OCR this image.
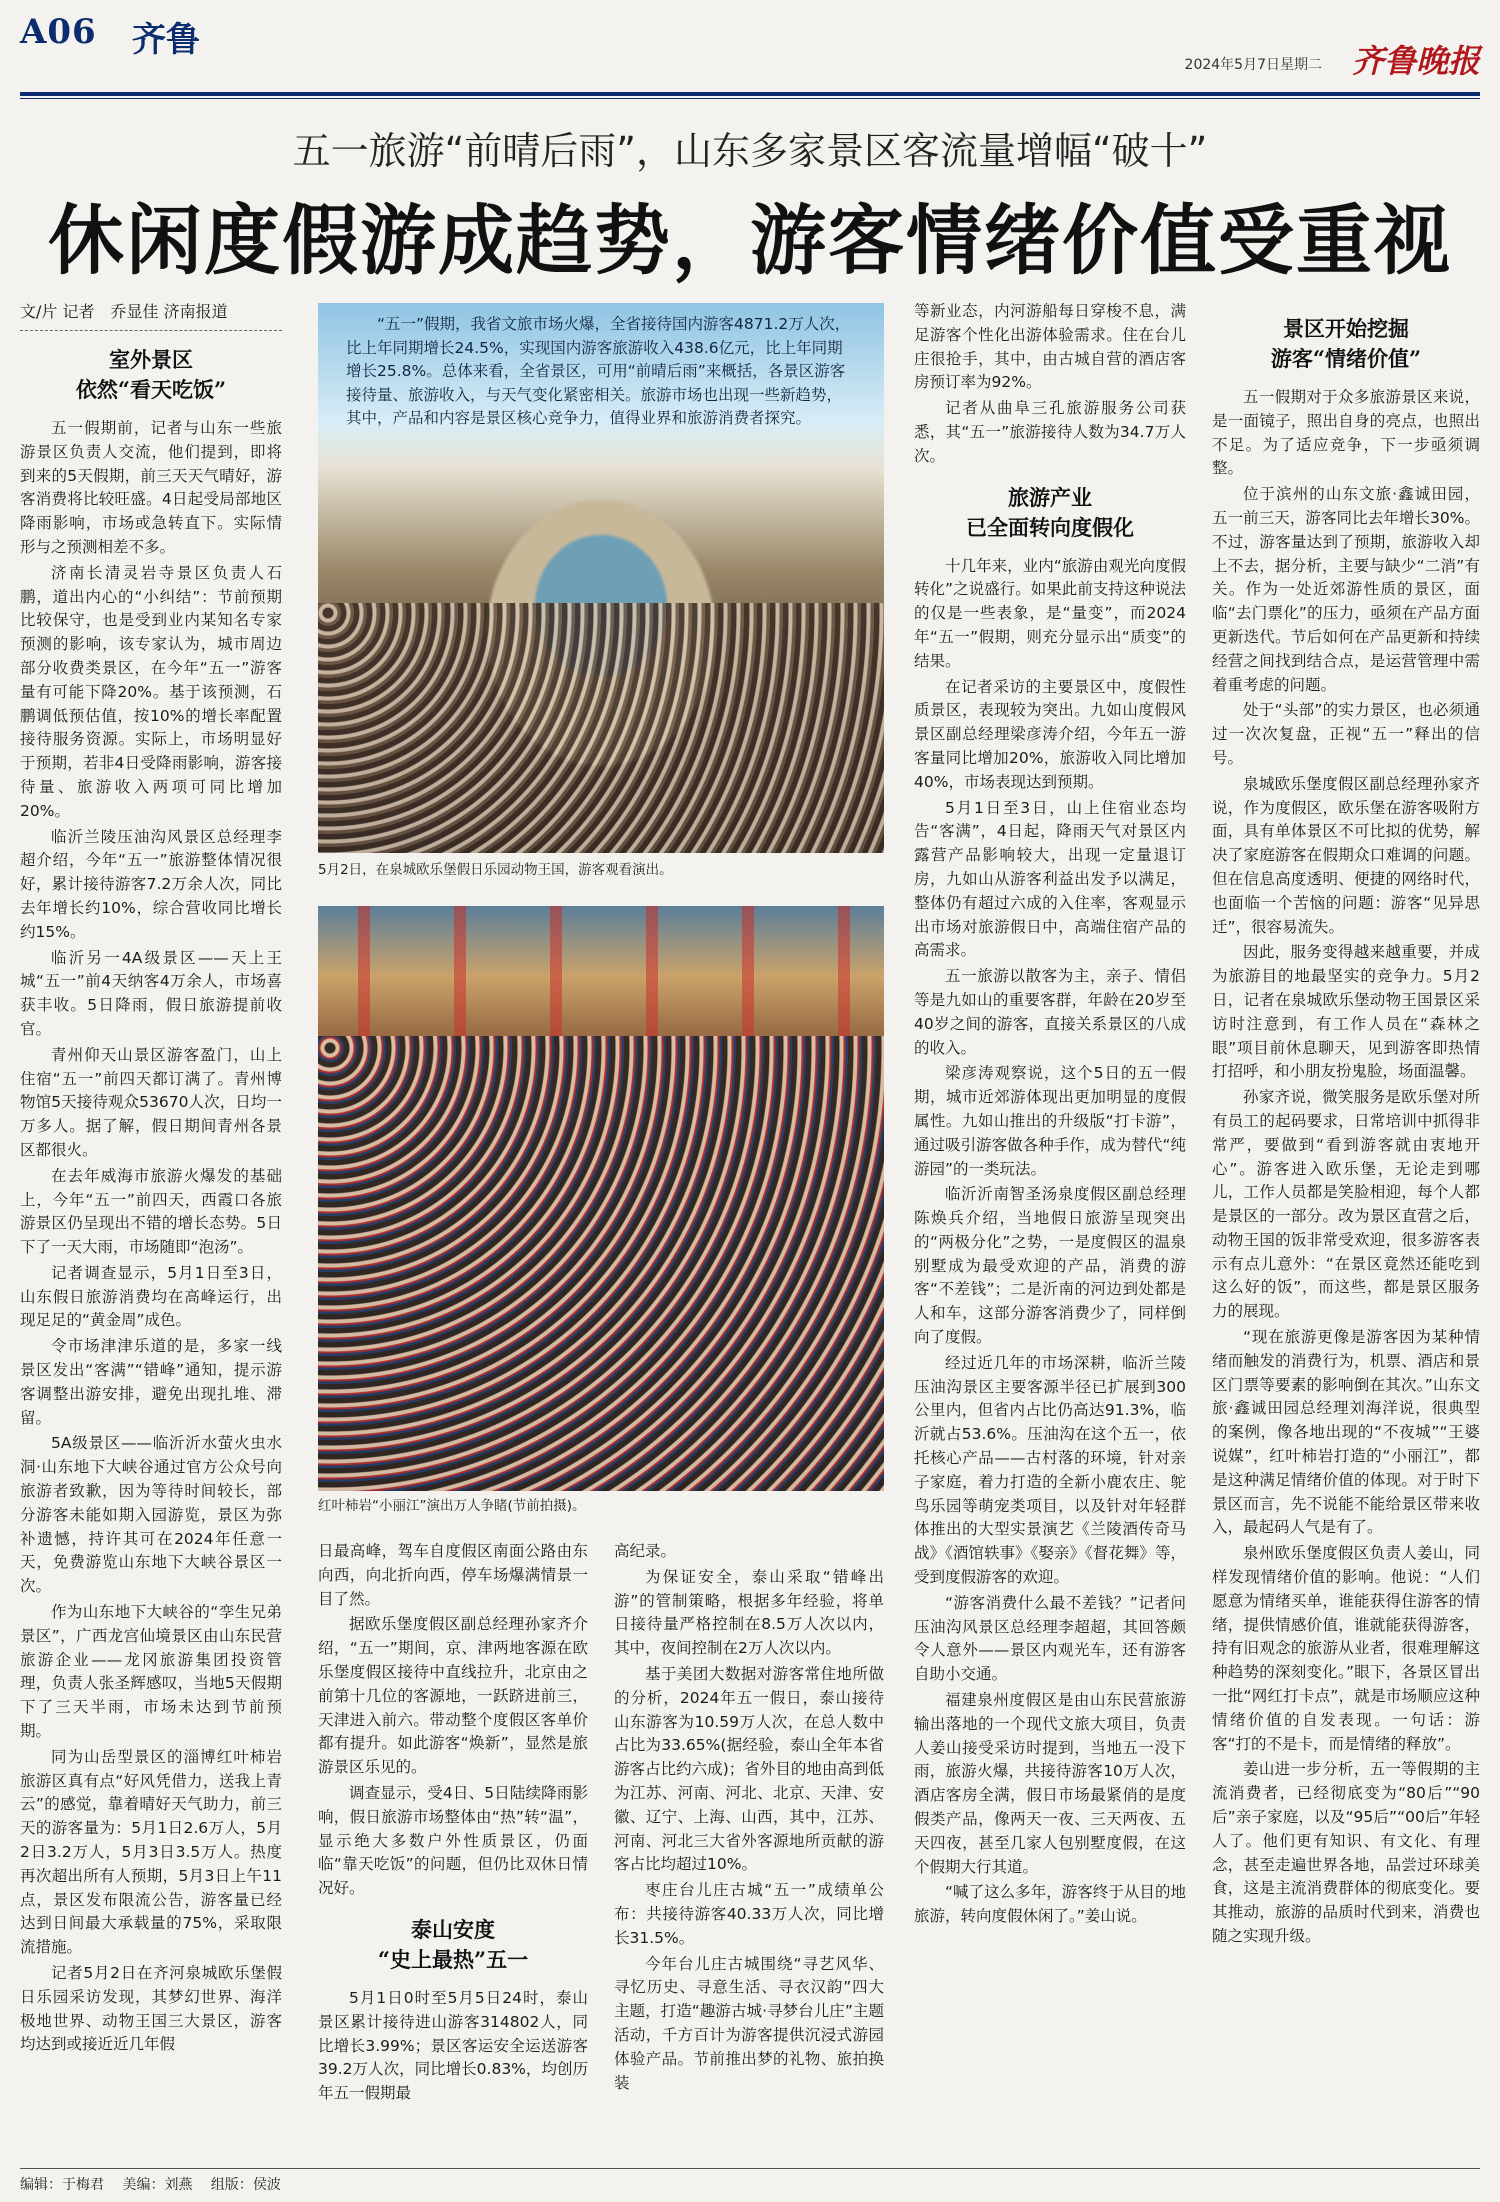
A06 齐鲁
2024年5月7日 星期二 齐鲁晚报
五一旅游“前晴后雨”，山东多家景区客流量增幅“破十”
休闲度假游成趋势，游客情绪价值受重视
文/片 记者　乔显佳 济南报道
室外景区
依然“看天吃饭”

五一假期前，记者与山东一些旅游景区负责人交流，他们提到，即将到来的5天假期，前三天天气晴好，游客消费将比较旺盛。4日起受局部地区降雨影响，市场或急转直下。实际情形与之预测相差不多。

济南长清灵岩寺景区负责人石鹏，道出内心的“小纠结”：节前预期比较保守，也是受到业内某知名专家预测的影响，该专家认为，城市周边部分收费类景区，在今年“五一”游客量有可能下降20%。基于该预测，石鹏调低预估值，按10%的增长率配置接待服务资源。实际上，市场明显好于预期，若非4日受降雨影响，游客接待量、旅游收入两项可同比增加20%。

临沂兰陵压油沟风景区总经理李超介绍，今年“五一”旅游整体情况很好，累计接待游客7.2万余人次，同比去年增长约10%，综合营收同比增长约15%。

临沂另一4A级景区——天上王城“五一”前4天纳客4万余人，市场喜获丰收。5日降雨，假日旅游提前收官。

青州仰天山景区游客盈门，山上住宿“五一”前四天都订满了。青州博物馆5天接待观众53670人次，日均一万多人。据了解，假日期间青州各景区都很火。

在去年威海市旅游火爆发的基础上，今年“五一”前四天，西霞口各旅游景区仍呈现出不错的增长态势。5日下了一天大雨，市场随即“泡汤”。

记者调查显示，5月1日至3日，山东假日旅游消费均在高峰运行，出现足足的“黄金周”成色。

令市场津津乐道的是，多家一线景区发出“客满”“错峰”通知，提示游客调整出游安排，避免出现扎堆、滞留。

5A级景区——临沂沂水萤火虫水洞·山东地下大峡谷通过官方公众号向旅游者致歉，因为等待时间较长，部分游客未能如期入园游览，景区为弥补遗憾，持许其可在2024年任意一天，免费游览山东地下大峡谷景区一次。

作为山东地下大峡谷的“孪生兄弟景区”，广西龙宫仙境景区由山东民营旅游企业——龙冈旅游集团投资管理，负责人张圣辉感叹，当地5天假期下了三天半雨，市场未达到节前预期。

同为山岳型景区的淄博红叶柿岩旅游区真有点“好风凭借力，送我上青云”的感觉，靠着晴好天气助力，前三天的游客量为：5月1日2.6万人，5月2日3.2万人，5月3日3.5万人。热度再次超出所有人预期，5月3日上午11点，景区发布限流公告，游客量已经达到日间最大承载量的75%，采取限流措施。

记者5月2日在齐河泉城欧乐堡假日乐园采访发现，其梦幻世界、海洋极地世界、动物王国三大景区，游客均达到或接近近几年假

“五一”假期，我省文旅市场火爆，全省接待国内游客4871.2万人次，比上年同期增长24.5%，实现国内游客旅游收入438.6亿元，比上年同期增长25.8%。总体来看，全省景区，可用“前晴后雨”来概括，各景区游客接待量、旅游收入，与天气变化紧密相关。旅游市场也出现一些新趋势，其中，产品和内容是景区核心竞争力，值得业界和旅游消费者探究。
5月2日，在泉城欧乐堡假日乐园动物王国，游客观看演出。
红叶柿岩“小丽江”演出万人争睹(节前拍摄)。

日最高峰，驾车自度假区南面公路由东向西，向北折向西，停车场爆满情景一目了然。

据欧乐堡度假区副总经理孙家齐介绍，“五一”期间，京、津两地客源在欧乐堡度假区接待中直线拉升，北京由之前第十几位的客源地，一跃跻进前三，天津进入前六。带动整个度假区客单价都有提升。如此游客“焕新”，显然是旅游景区乐见的。

调查显示，受4日、5日陆续降雨影响，假日旅游市场整体由“热”转“温”，显示绝大多数户外性质景区，仍面临“靠天吃饭”的问题，但仍比双休日情况好。

泰山安度
“史上最热”五一

5月1日0时至5月5日24时，泰山景区累计接待进山游客314802人，同比增长3.99%；景区客运安全运送游客39.2万人次，同比增长0.83%，均创历年五一假期最

高纪录。

为保证安全，泰山采取“错峰出游”的管制策略，根据多年经验，将单日接待量严格控制在8.5万人次以内，其中，夜间控制在2万人次以内。

基于美团大数据对游客常住地所做的分析，2024年五一假日，泰山接待山东游客为10.59万人次，在总人数中占比为33.65%(据经验，泰山全年本省游客占比约六成)；省外目的地由高到低为江苏、河南、河北、北京、天津、安徽、辽宁、上海、山西，其中，江苏、河南、河北三大省外客源地所贡献的游客占比均超过10%。

枣庄台儿庄古城“五一”成绩单公布：共接待游客40.33万人次，同比增长31.5%。

今年台儿庄古城围绕“寻艺风华、寻忆历史、寻意生活、寻衣汉韵”四大主题，打造“趣游古城·寻梦台儿庄”主题活动，千方百计为游客提供沉浸式游园体验产品。节前推出梦的礼物、旅拍换装

等新业态，内河游船每日穿梭不息，满足游客个性化出游体验需求。住在台儿庄很抢手，其中，由古城自营的酒店客房预订率为92%。

记者从曲阜三孔旅游服务公司获悉，其“五一”旅游接待人数为34.7万人次。

旅游产业
已全面转向度假化

十几年来，业内“旅游由观光向度假转化”之说盛行。如果此前支持这种说法的仅是一些表象，是“量变”，而2024年“五一”假期，则充分显示出“质变”的结果。

在记者采访的主要景区中，度假性质景区，表现较为突出。九如山度假风景区副总经理梁彦涛介绍，今年五一游客量同比增加20%，旅游收入同比增加40%，市场表现达到预期。

5月1日至3日，山上住宿业态均告“客满”，4日起，降雨天气对景区内露营产品影响较大，出现一定量退订房，九如山从游客利益出发予以满足，整体仍有超过六成的入住率，客观显示出市场对旅游假日中，高端住宿产品的高需求。

五一旅游以散客为主，亲子、情侣等是九如山的重要客群，年龄在20岁至40岁之间的游客，直接关系景区的八成的收入。

梁彦涛观察说，这个5日的五一假期，城市近郊游体现出更加明显的度假属性。九如山推出的升级版“打卡游”，通过吸引游客做各种手作，成为替代“纯游园”的一类玩法。

临沂沂南智圣汤泉度假区副总经理陈焕兵介绍，当地假日旅游呈现突出的“两极分化”之势，一是度假区的温泉别墅成为最受欢迎的产品，消费的游客“不差钱”；二是沂南的河边到处都是人和车，这部分游客消费少了，同样倒向了度假。

经过近几年的市场深耕，临沂兰陵压油沟景区主要客源半径已扩展到300公里内，但省内占比仍高达91.3%，临沂就占53.6%。压油沟在这个五一，依托核心产品——古村落的环境，针对亲子家庭，着力打造的全新小鹿农庄、鸵鸟乐园等萌宠类项目，以及针对年轻群体推出的大型实景演艺《兰陵酒传奇马战》《酒馆轶事》《娶亲》《督花舞》等，受到度假游客的欢迎。

“游客消费什么最不差钱？”记者问压油沟风景区总经理李超超，其回答颇令人意外——景区内观光车，还有游客自助小交通。

福建泉州度假区是由山东民营旅游输出落地的一个现代文旅大项目，负责人姜山接受采访时提到，当地五一没下雨，旅游火爆，共接待游客10万人次，酒店客房全满，假日市场最紧俏的是度假类产品，像两天一夜、三天两夜、五天四夜，甚至几家人包别墅度假，在这个假期大行其道。

“喊了这么多年，游客终于从目的地旅游，转向度假休闲了。”姜山说。

景区开始挖掘
游客“情绪价值”

五一假期对于众多旅游景区来说，是一面镜子，照出自身的亮点，也照出不足。为了适应竞争，下一步亟须调整。

位于滨州的山东文旅·鑫诚田园，五一前三天，游客同比去年增长30%。不过，游客量达到了预期，旅游收入却上不去，据分析，主要与缺少“二消”有关。作为一处近郊游性质的景区，面临“去门票化”的压力，亟须在产品方面更新迭代。节后如何在产品更新和持续经营之间找到结合点，是运营管理中需着重考虑的问题。

处于“头部”的实力景区，也必须通过一次次复盘，正视“五一”释出的信号。

泉城欧乐堡度假区副总经理孙家齐说，作为度假区，欧乐堡在游客吸附方面，具有单体景区不可比拟的优势，解决了家庭游客在假期众口难调的问题。但在信息高度透明、便捷的网络时代，也面临一个苦恼的问题：游客“见异思迁”，很容易流失。

因此，服务变得越来越重要，并成为旅游目的地最坚实的竞争力。5月2日，记者在泉城欧乐堡动物王国景区采访时注意到，有工作人员在“森林之眼”项目前休息聊天，见到游客即热情打招呼，和小朋友扮鬼脸，场面温馨。

孙家齐说，微笑服务是欧乐堡对所有员工的起码要求，日常培训中抓得非常严，要做到“看到游客就由衷地开心”。游客进入欧乐堡，无论走到哪儿，工作人员都是笑脸相迎，每个人都是景区的一部分。改为景区直营之后，动物王国的饭非常受欢迎，很多游客表示有点儿意外：“在景区竟然还能吃到这么好的饭”，而这些，都是景区服务力的展现。

“现在旅游更像是游客因为某种情绪而触发的消费行为，机票、酒店和景区门票等要素的影响倒在其次。”山东文旅·鑫诚田园总经理刘海洋说，很典型的案例，像各地出现的“不夜城”“王婆说媒”，红叶柿岩打造的“小丽江”，都是这种满足情绪价值的体现。对于时下景区而言，先不说能不能给景区带来收入，最起码人气是有了。

泉州欧乐堡度假区负责人姜山，同样发现情绪价值的影响。他说：“人们愿意为情绪买单，谁能获得住游客的情绪，提供情感价值，谁就能获得游客，持有旧观念的旅游从业者，很难理解这种趋势的深刻变化。”眼下，各景区冒出一批“网红打卡点”，就是市场顺应这种情绪价值的自发表现。一句话：游客“打的不是卡，而是情绪的释放”。

姜山进一步分析，五一等假期的主流消费者，已经彻底变为“80后”“90后”亲子家庭，以及“95后”“00后”年轻人了。他们更有知识、有文化、有理念，甚至走遍世界各地，品尝过环球美食，这是主流消费群体的彻底变化。要其推动，旅游的品质时代到来，消费也随之实现升级。

编辑：于梅君 美编：刘燕 组版：侯波
